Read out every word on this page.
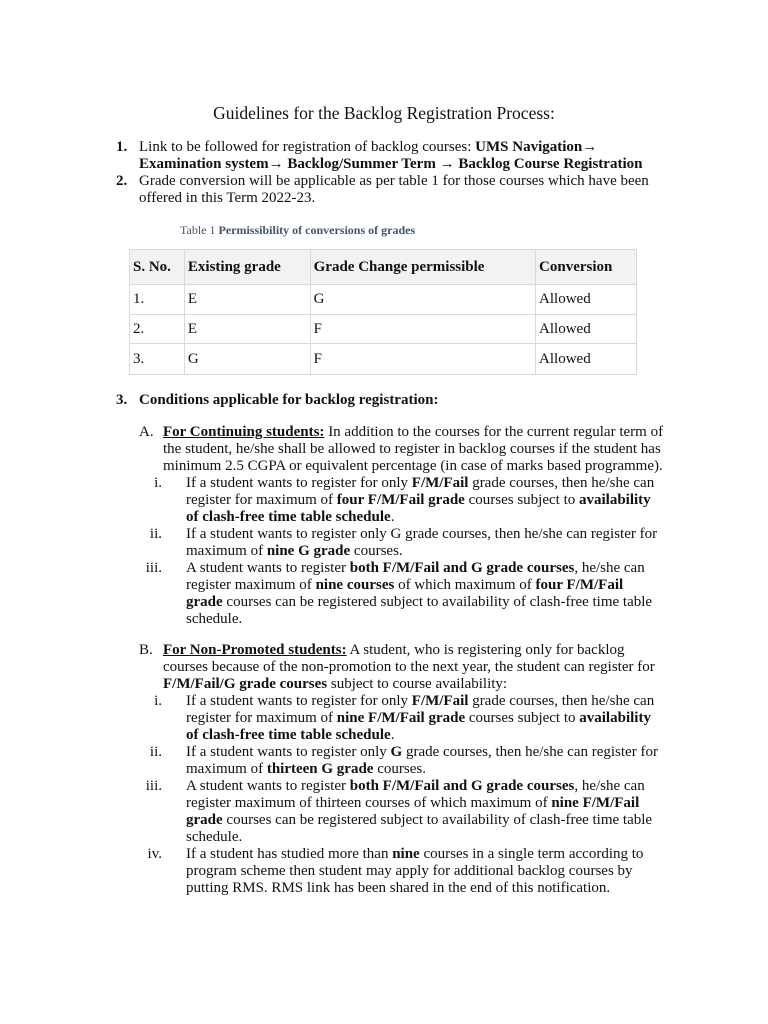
Guidelines for the Backlog Registration Process:
1. Link to be followed for registration of backlog courses: UMS Navigation→
Examination system→ Backlog/Summer Term → Backlog Course Registration
2. Grade conversion will be applicable as per table 1 for those courses which have been
offered in this Term 2022-23.
Table 1 Permissibility of conversions of grades
S. No.	Existing grade	Grade Change permissible	Conversion
1.	E	G	Allowed
2.	E	F	Allowed
3.	G	F	Allowed
3. Conditions applicable for backlog registration:
A. For Continuing students: In addition to the courses for the current regular term of
the student, he/she shall be allowed to register in backlog courses if the student has
minimum 2.5 CGPA or equivalent percentage (in case of marks based programme).
i. If a student wants to register for only F/M/Fail grade courses, then he/she can
register for maximum of four F/M/Fail grade courses subject to availability
of clash-free time table schedule.
ii. If a student wants to register only G grade courses, then he/she can register for
maximum of nine G grade courses.
iii. A student wants to register both F/M/Fail and G grade courses, he/she can
register maximum of nine courses of which maximum of four F/M/Fail
grade courses can be registered subject to availability of clash-free time table
schedule.
B. For Non-Promoted students: A student, who is registering only for backlog
courses because of the non-promotion to the next year, the student can register for
F/M/Fail/G grade courses subject to course availability:
i. If a student wants to register for only F/M/Fail grade courses, then he/she can
register for maximum of nine F/M/Fail grade courses subject to availability
of clash-free time table schedule.
ii. If a student wants to register only G grade courses, then he/she can register for
maximum of thirteen G grade courses.
iii. A student wants to register both F/M/Fail and G grade courses, he/she can
register maximum of thirteen courses of which maximum of nine F/M/Fail
grade courses can be registered subject to availability of clash-free time table
schedule.
iv. If a student has studied more than nine courses in a single term according to
program scheme then student may apply for additional backlog courses by
putting RMS. RMS link has been shared in the end of this notification.
